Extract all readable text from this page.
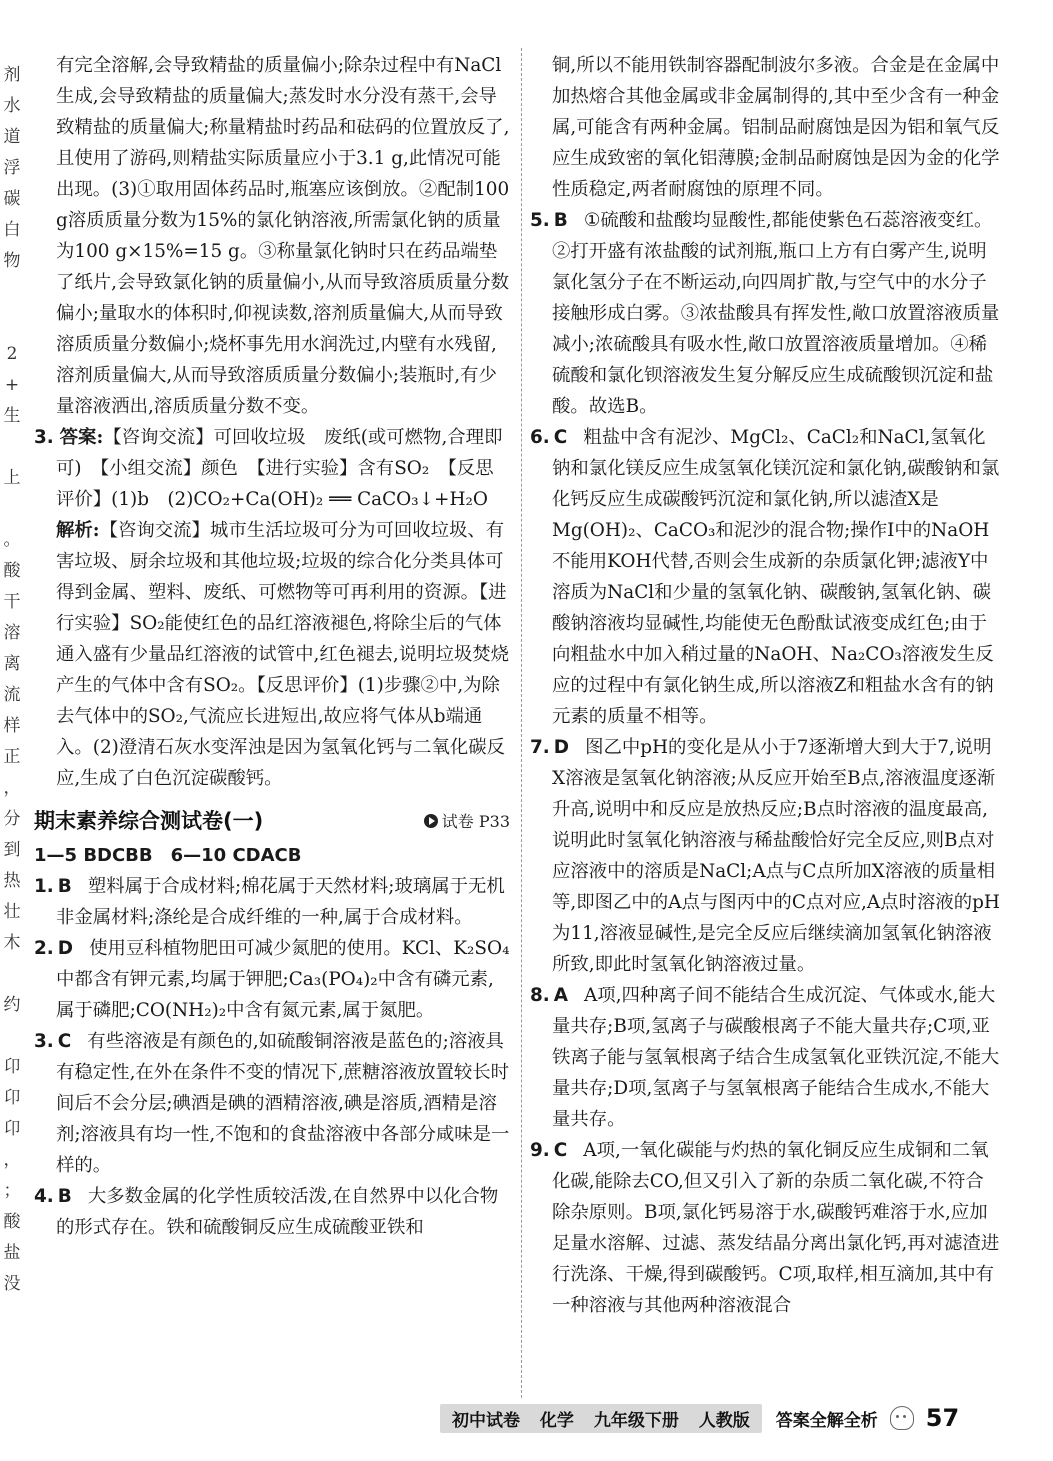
剂
水
道
浮
碳
白
物
2
+
生
上
。
酸
干
溶
离
流
样
正
，
分
到
热
壮
木
约
卬
卬
卬
，
；
酸
盐
没

有完全溶解,会导致精盐的质量偏小;除杂过程中有NaCl生成,会导致精盐的质量偏大;蒸发时水分没有蒸干,会导致精盐的质量偏大;称量精盐时药品和砝码的位置放反了,且使用了游码,则精盐实际质量应小于3.1 g,此情况可能出现。(3)①取用固体药品时,瓶塞应该倒放。②配制100 g溶质质量分数为15%的氯化钠溶液,所需氯化钠的质量为100 g×15%=15 g。③称量氯化钠时只在药品端垫了纸片,会导致氯化钠的质量偏小,从而导致溶质质量分数偏小;量取水的体积时,仰视读数,溶剂质量偏大,从而导致溶质质量分数偏小;烧杯事先用水润洗过,内壁有水残留,溶剂质量偏大,从而导致溶质质量分数偏小;装瓶时,有少量溶液洒出,溶质质量分数不变。

3. 答案:【咨询交流】可回收垃圾　废纸(或可燃物,合理即可)　【小组交流】颜色　【进行实验】含有SO₂　【反思评价】(1)b　(2)CO₂+Ca(OH)₂ ══ CaCO₃↓+H₂O
解析:【咨询交流】城市生活垃圾可分为可回收垃圾、有害垃圾、厨余垃圾和其他垃圾;垃圾的综合化分类具体可得到金属、塑料、废纸、可燃物等可再利用的资源。【进行实验】SO₂能使红色的品红溶液褪色,将除尘后的气体通入盛有少量品红溶液的试管中,红色褪去,说明垃圾焚烧产生的气体中含有SO₂。【反思评价】(1)步骤②中,为除去气体中的SO₂,气流应长进短出,故应将气体从b端通入。(2)澄清石灰水变浑浊是因为氢氧化钙与二氧化碳反应,生成了白色沉淀碳酸钙。
期末素养综合测试卷(一)	试卷 P33
1—5 BDCBB　6—10 CDACB
1. B 塑料属于合成材料;棉花属于天然材料;玻璃属于无机非金属材料;涤纶是合成纤维的一种,属于合成材料。
2. D 使用豆科植物肥田可减少氮肥的使用。KCl、K₂SO₄中都含有钾元素,均属于钾肥;Ca₃(PO₄)₂中含有磷元素,属于磷肥;CO(NH₂)₂中含有氮元素,属于氮肥。
3. C 有些溶液是有颜色的,如硫酸铜溶液是蓝色的;溶液具有稳定性,在外在条件不变的情况下,蔗糖溶液放置较长时间后不会分层;碘酒是碘的酒精溶液,碘是溶质,酒精是溶剂;溶液具有均一性,不饱和的食盐溶液中各部分咸味是一样的。
4. B 大多数金属的化学性质较活泼,在自然界中以化合物的形式存在。铁和硫酸铜反应生成硫酸亚铁和

铜,所以不能用铁制容器配制波尔多液。合金是在金属中加热熔合其他金属或非金属制得的,其中至少含有一种金属,可能含有两种金属。铝制品耐腐蚀是因为铝和氧气反应生成致密的氧化铝薄膜;金制品耐腐蚀是因为金的化学性质稳定,两者耐腐蚀的原理不同。

5. B ①硫酸和盐酸均显酸性,都能使紫色石蕊溶液变红。②打开盛有浓盐酸的试剂瓶,瓶口上方有白雾产生,说明氯化氢分子在不断运动,向四周扩散,与空气中的水分子接触形成白雾。③浓盐酸具有挥发性,敞口放置溶液质量减小;浓硫酸具有吸水性,敞口放置溶液质量增加。④稀硫酸和氯化钡溶液发生复分解反应生成硫酸钡沉淀和盐酸。故选B。
6. C 粗盐中含有泥沙、MgCl₂、CaCl₂和NaCl,氢氧化钠和氯化镁反应生成氢氧化镁沉淀和氯化钠,碳酸钠和氯化钙反应生成碳酸钙沉淀和氯化钠,所以滤渣X是Mg(OH)₂、CaCO₃和泥沙的混合物;操作Ⅰ中的NaOH不能用KOH代替,否则会生成新的杂质氯化钾;滤液Y中溶质为NaCl和少量的氢氧化钠、碳酸钠,氢氧化钠、碳酸钠溶液均显碱性,均能使无色酚酞试液变成红色;由于向粗盐水中加入稍过量的NaOH、Na₂CO₃溶液发生反应的过程中有氯化钠生成,所以溶液Z和粗盐水含有的钠元素的质量不相等。
7. D 图乙中pH的变化是从小于7逐渐增大到大于7,说明X溶液是氢氧化钠溶液;从反应开始至B点,溶液温度逐渐升高,说明中和反应是放热反应;B点时溶液的温度最高,说明此时氢氧化钠溶液与稀盐酸恰好完全反应,则B点对应溶液中的溶质是NaCl;A点与C点所加X溶液的质量相等,即图乙中的A点与图丙中的C点对应,A点时溶液的pH为11,溶液显碱性,是完全反应后继续滴加氢氧化钠溶液所致,即此时氢氧化钠溶液过量。
8. A A项,四种离子间不能结合生成沉淀、气体或水,能大量共存;B项,氢离子与碳酸根离子不能大量共存;C项,亚铁离子能与氢氧根离子结合生成氢氧化亚铁沉淀,不能大量共存;D项,氢离子与氢氧根离子能结合生成水,不能大量共存。
9. C A项,一氧化碳能与灼热的氧化铜反应生成铜和二氧化碳,能除去CO,但又引入了新的杂质二氧化碳,不符合除杂原则。B项,氯化钙易溶于水,碳酸钙难溶于水,应加足量水溶解、过滤、蒸发结晶分离出氯化钙,再对滤渣进行洗涤、干燥,得到碳酸钙。C项,取样,相互滴加,其中有一种溶液与其他两种溶液混合
初中试卷 化学 九年级下册 人教版	答案全解全析 57
